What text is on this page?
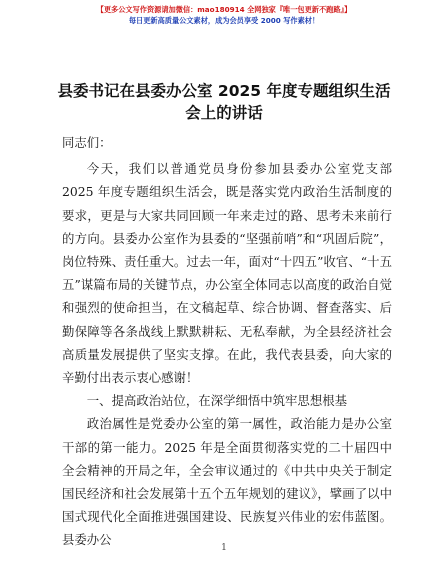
【更多公文写作资源请加微信：mao180914 全网独家『唯一包更新不跑路』】
每日更新高质量公文素材，成为会员享受 2000 写作素材！
县委书记在县委办公室 2025 年度专题组织生活
会上的讲话

同志们：

今天，我们以普通党员身份参加县委办公室党支部 2025 年度专题组织生活会，既是落实党内政治生活制度的要求，更是与大家共同回顾一年来走过的路、思考未来前行的方向。县委办公室作为县委的“坚强前哨”和“巩固后院”，岗位特殊、责任重大。过去一年，面对“十四五”收官、“十五五”谋篇布局的关键节点，办公室全体同志以高度的政治自觉和强烈的使命担当，在文稿起草、综合协调、督查落实、后勤保障等各条战线上默默耕耘、无私奉献，为全县经济社会高质量发展提供了坚实支撑。在此，我代表县委，向大家的辛勤付出表示衷心感谢！

一、提高政治站位，在深学细悟中筑牢思想根基

政治属性是党委办公室的第一属性，政治能力是办公室干部的第一能力。2025 年是全面贯彻落实党的二十届四中全会精神的开局之年，全会审议通过的《中共中央关于制定国民经济和社会发展第十五个五年规划的建议》，擘画了以中国式现代化全面推进强国建设、民族复兴伟业的宏伟蓝图。县委办公

1
